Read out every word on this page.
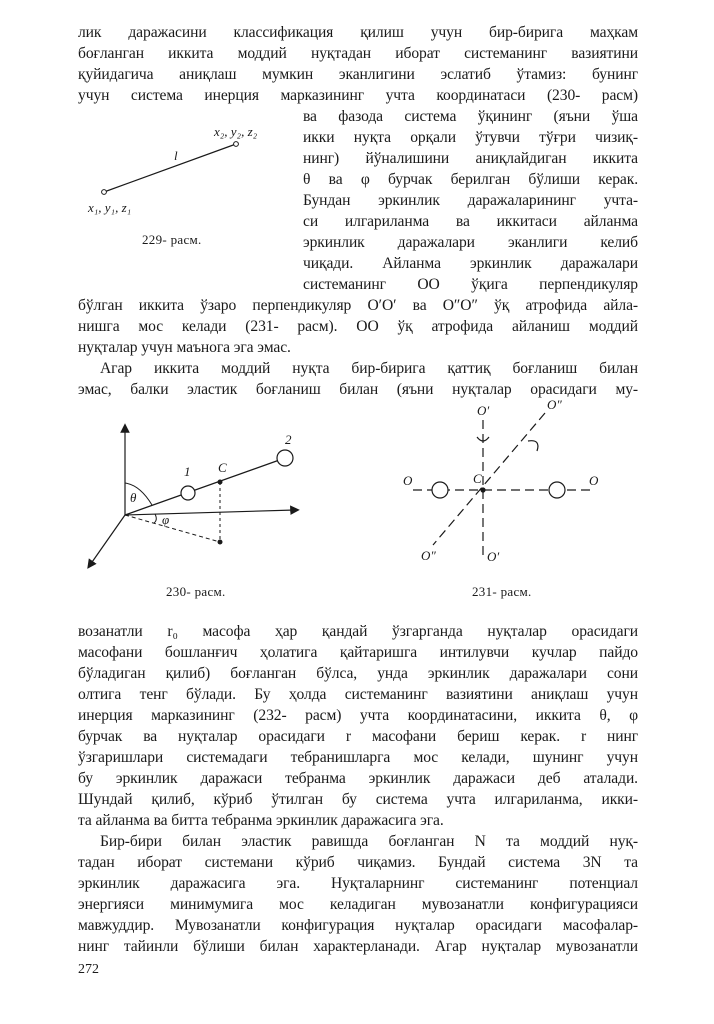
лик даражасини классификация қилиш учун бир-бирига маҳкам
боғланган иккита моддий нуқтадан иборат системанинг вазиятини
қуйидагича аниқлаш мумкин эканлигини эслатиб ўтамиз: бунинг
учун система инерция марказининг учта координатаси (230- расм)
ва фазода система ўқининг (яъни ўша
икки нуқта орқали ўтувчи тўғри чизиқ-
нинг) йўналишини аниқлайдиган иккита
θ ва φ бурчак берилган бўлиши керак.
Бундан эркинлик даражаларининг учта-
си илгариланма ва иккитаси айланма
эркинлик даражалари эканлиги келиб
чиқади. Айланма эркинлик даражалари
системанинг OO ўқига перпендикуляр
x₂, y₂, z₂
x₁, y₁, z₁
l
229- расм.
бўлган иккита ўзаро перпендикуляр O′O′ ва O″O″ ўқ атрофида айла-
нишга мос келади (231- расм). OO ўқ атрофида айланиш моддий
нуқталар учун маънога эга эмас.
Агар иккита моддий нуқта бир-бирига қаттиқ боғланиш билан
эмас, балки эластик боғланиш билан (яъни нуқталар орасидаги му-
θ
φ
1
2
C
230- расм.
O′	O″
O	O
C
O″	O′
231- расм.
возанатли r₀ масофа ҳар қандай ўзгарганда нуқталар орасидаги
масофани бошланғич ҳолатига қайтаришга интилувчи кучлар пайдо
бўладиган қилиб) боғланган бўлса, унда эркинлик даражалари сони
олтига тенг бўлади. Бу ҳолда системанинг вазиятини аниқлаш учун
инерция марказининг (232- расм) учта координатасини, иккита θ, φ
бурчак ва нуқталар орасидаги r масофани бериш керак. r нинг
ўзгаришлари системадаги тебранишларга мос келади, шунинг учун
бу эркинлик даражаси тебранма эркинлик даражаси деб аталади.
Шундай қилиб, кўриб ўтилган бу система учта илгариланма, икки-
та айланма ва битта тебранма эркинлик даражасига эга.
Бир-бири билан эластик равишда боғланган N та моддий нуқ-
тадан иборат системани кўриб чиқамиз. Бундай система 3N та
эркинлик даражасига эга. Нуқталарнинг системанинг потенциал
энергияси минимумига мос келадиган мувозанатли конфигурацияси
мавжуддир. Мувозанатли конфигурация нуқталар орасидаги масофалар-
нинг тайинли бўлиши билан характерланади. Агар нуқталар мувозанатли
272
